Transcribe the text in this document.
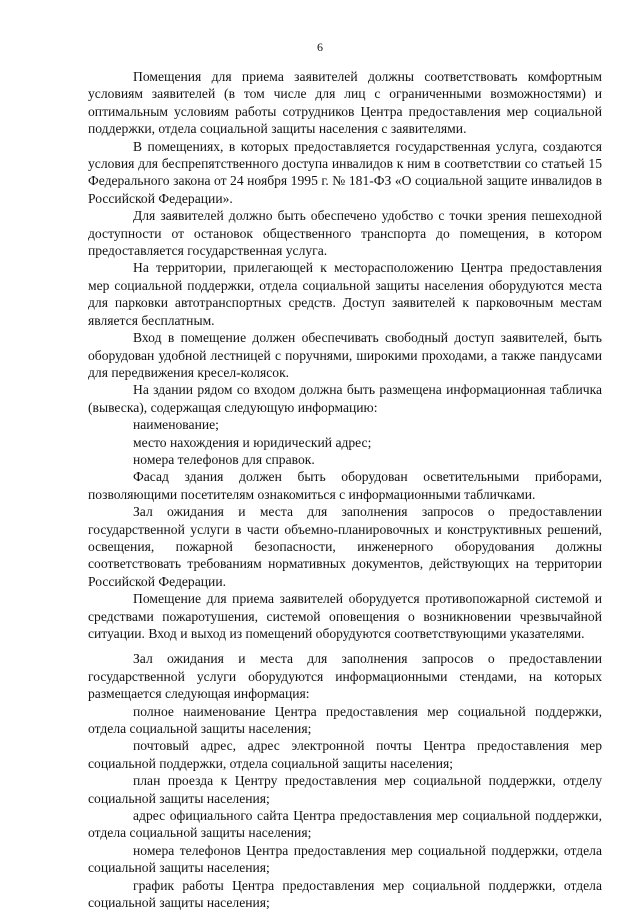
6

Помещения для приема заявителей должны соответствовать комфортным условиям заявителей (в том числе для лиц с ограниченными возможностями) и оптимальным условиям работы сотрудников Центра предоставления мер социальной поддержки, отдела социальной защиты населения с заявителями.

В помещениях, в которых предоставляется государственная услуга, создаются условия для беспрепятственного доступа инвалидов к ним в соответствии со статьей 15 Федерального закона от 24 ноября 1995 г. № 181-ФЗ «О социальной защите инвалидов в Российской Федерации».

Для заявителей должно быть обеспечено удобство с точки зрения пешеходной доступности от остановок общественного транспорта до помещения, в котором предоставляется государственная услуга.

На территории, прилегающей к месторасположению Центра предоставления мер социальной поддержки, отдела социальной защиты населения оборудуются места для парковки автотранспортных средств. Доступ заявителей к парковочным местам является бесплатным.

Вход в помещение должен обеспечивать свободный доступ заявителей, быть оборудован удобной лестницей с поручнями, широкими проходами, а также пандусами для передвижения кресел-колясок.

На здании рядом со входом должна быть размещена информационная табличка (вывеска), содержащая следующую информацию:

наименование;

место нахождения и юридический адрес;

номера телефонов для справок.

Фасад здания должен быть оборудован осветительными приборами, позволяющими посетителям ознакомиться с информационными табличками.

Зал ожидания и места для заполнения запросов о предоставлении государственной услуги в части объемно-планировочных и конструктивных решений, освещения, пожарной безопасности, инженерного оборудования должны соответствовать требованиям нормативных документов, действующих на территории Российской Федерации.

Помещение для приема заявителей оборудуется противопожарной системой и средствами пожаротушения, системой оповещения о возникновении чрезвычайной ситуации. Вход и выход из помещений оборудуются соответствующими указателями.

Зал ожидания и места для заполнения запросов о предоставлении государственной услуги оборудуются информационными стендами, на которых размещается следующая информация:

полное наименование Центра предоставления мер социальной поддержки, отдела социальной защиты населения;

почтовый адрес, адрес электронной почты Центра предоставления мер социальной поддержки, отдела социальной защиты населения;

план проезда к Центру предоставления мер социальной поддержки, отделу социальной защиты населения;

адрес официального сайта Центра предоставления мер социальной поддержки, отдела социальной защиты населения;

номера телефонов Центра предоставления мер социальной поддержки, отдела социальной защиты населения;

график работы Центра предоставления мер социальной поддержки, отдела социальной защиты населения;
